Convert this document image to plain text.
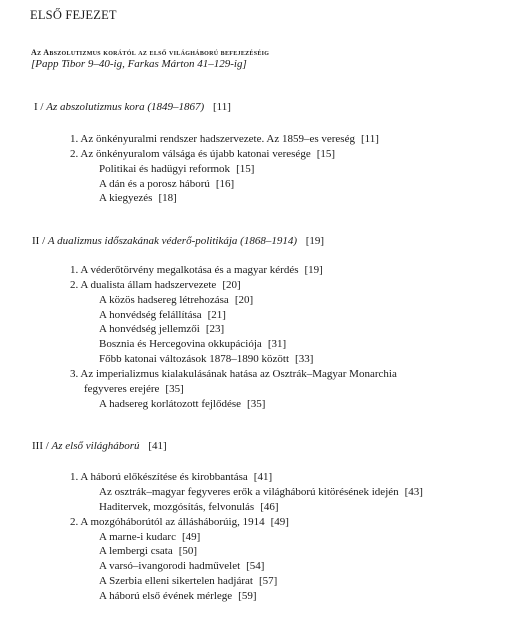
ELSŐ FEJEZET
Az Abszolutizmus korától az első világháború befejezéséig
[Papp Tibor 9–40-ig, Farkas Márton 41–129-ig]
I / Az abszolutizmus kora (1849–1867) [11]
1. Az önkényuralmi rendszer hadszervezete. Az 1859–es vereség [11]
2. Az önkényuralom válsága és újabb katonai veresége [15]
Politikai és hadügyi reformok [15]
A dán és a porosz háború [16]
A kiegyezés [18]
II / A dualizmus időszakának véderő-politikája (1868–1914) [19]
1. A véderőtörvény megalkotása és a magyar kérdés [19]
2. A dualista állam hadszervezete [20]
A közös hadsereg létrehozása [20]
A honvédség felállítása [21]
A honvédség jellemzői [23]
Bosznia és Hercegovina okkupációja [31]
Főbb katonai változások 1878–1890 között [33]
3. Az imperializmus kialakulásának hatása az Osztrák–Magyar Monarchia
fegyveres erejére [35]
A hadsereg korlátozott fejlődése [35]
III / Az első világháború [41]
1. A háború előkészítése és kirobbantása [41]
Az osztrák–magyar fegyveres erők a világháború kitörésének idején [43]
Haditervek, mozgósítás, felvonulás [46]
2. A mozgóháborútól az állásháborúig, 1914 [49]
A marne-i kudarc [49]
A lembergi csata [50]
A varsó–ivangorodi hadművelet [54]
A Szerbia elleni sikertelen hadjárat [57]
A háború első évének mérlege [59]
